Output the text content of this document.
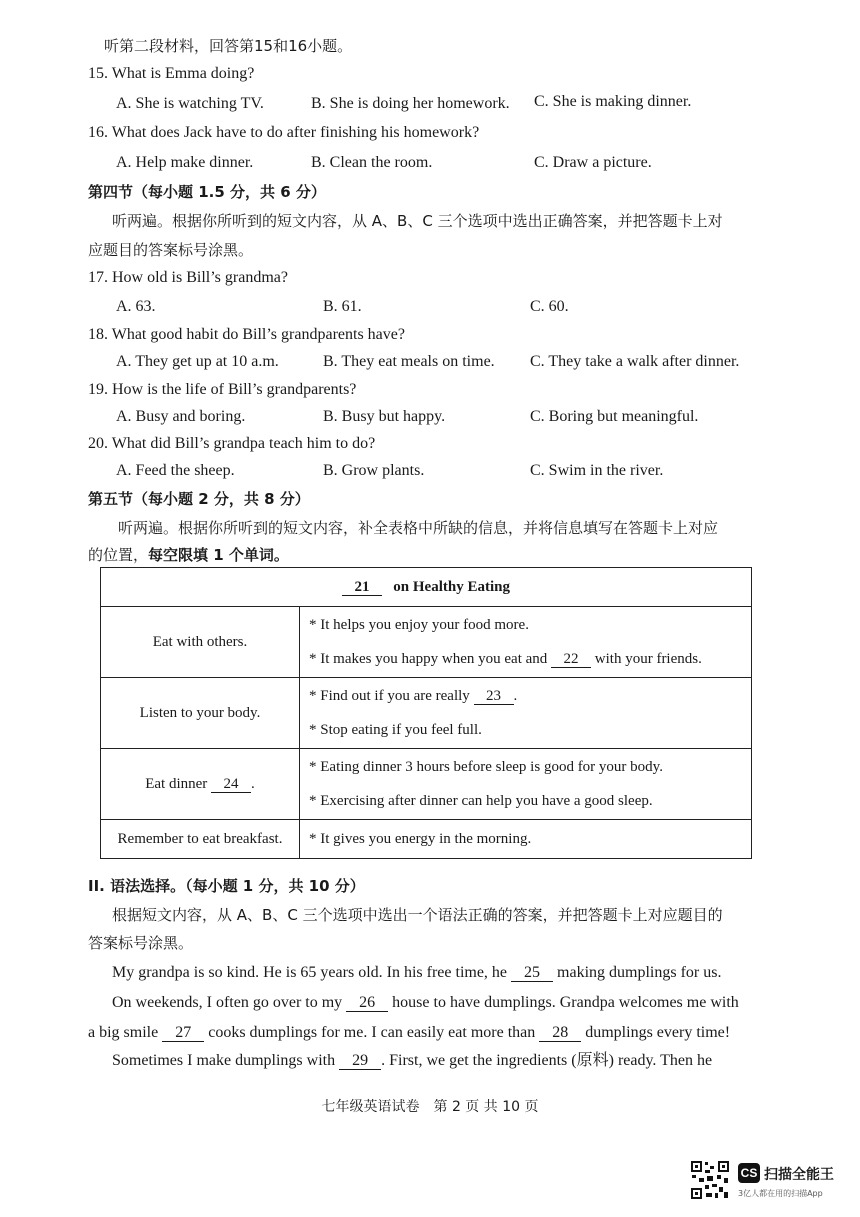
听第二段材料，回答第15和16小题。
15. What is Emma doing?
A. She is watching TV.	B. She is doing her homework. C. She is making dinner.
16. What does Jack have to do after finishing his homework?
A. Help make dinner.	B. Clean the room.	C. Draw a picture.
第四节（每小题 1.5 分，共 6 分）
听两遍。根据你所听到的短文内容，从 A、B、C 三个选项中选出正确答案，并把答题卡上对
应题目的答案标号涂黑。
17. How old is Bill’s grandma?
A. 63.	B. 61.	C. 60.
18. What good habit do Bill’s grandparents have?
A. They get up at 10 a.m.	B. They eat meals on time. C. They take a walk after dinner.
19. How is the life of Bill’s grandparents?
A. Busy and boring.	B. Busy but happy.	C. Boring but meaningful.
20. What did Bill’s grandpa teach him to do?
A. Feed the sheep.	B. Grow plants.	C. Swim in the river.
第五节（每小题 2 分，共 8 分）
听两遍。根据你所听到的短文内容，补全表格中所缺的信息，并将信息填写在答题卡上对应
的位置，每空限填 1 个单词。
21 on Healthy Eating	
Eat with others.	* It helps you enjoy your food more.
* It makes you happy when you eat and 22 with your friends.

Listen to your body.	* Find out if you are really 23 .
* Stop eating if you feel full.

Eat dinner 24 .	* Eating dinner 3 hours before sleep is good for your body.
* Exercising after dinner can help you have a good sleep.

Remember to eat breakfast.	* It gives you energy in the morning.
II. 语法选择。（每小题 1 分，共 10 分）
根据短文内容，从 A、B、C 三个选项中选出一个语法正确的答案，并把答题卡上对应题目的
答案标号涂黑。
My grandpa is so kind. He is 65 years old. In his free time, he 25 making dumplings for us.
On weekends, I often go over to my 26 house to have dumplings. Grandpa welcomes me with
a big smile 27 cooks dumplings for me. I can easily eat more than 28 dumplings every time!
Sometimes I make dumplings with 29 . First, we get the ingredients (原料) ready. Then he
七年级英语试卷　第 2 页 共 10 页
CS 扫描全能王
3亿人都在用的扫描App
